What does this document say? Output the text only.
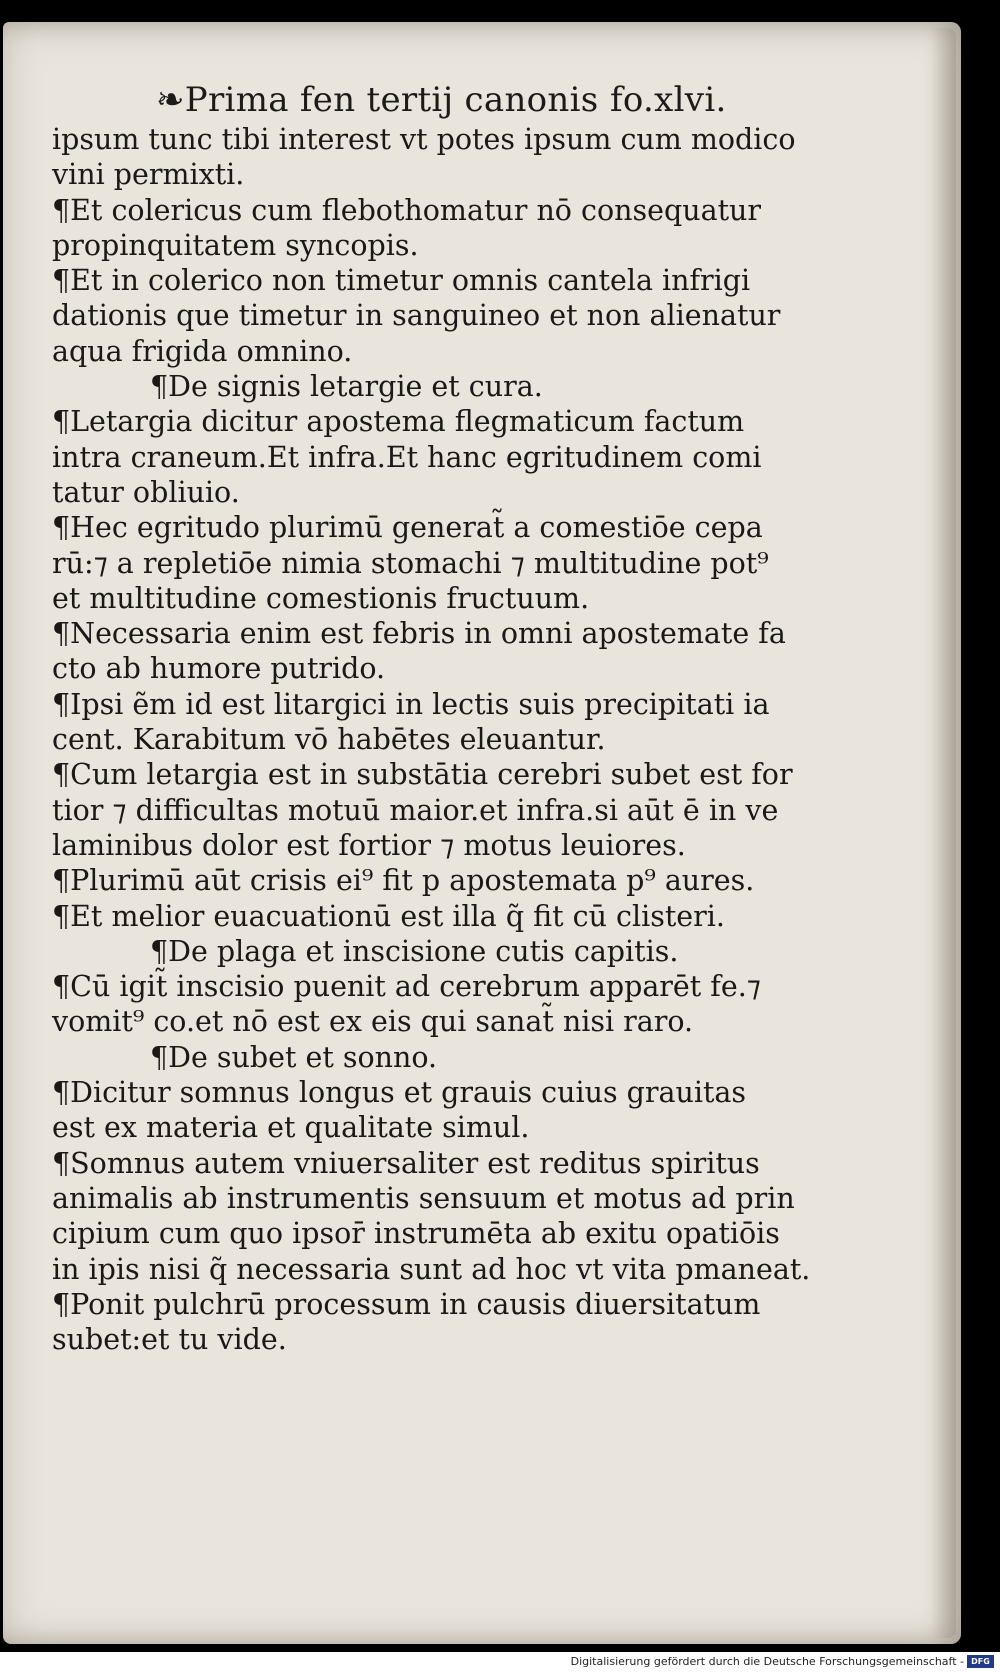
❧Prima fen tertij canonis fo.xlvi.
ipsum tunc tibi interest vt potes ipsum cum modico
vini permixti.
¶Et colericus cum flebothomatur nō consequatur
propinquitatem syncopis.
¶Et in colerico non timetur omnis cantela infrigi
dationis que timetur in sanguineo et non alienatur
aqua frigida omnino.
¶De signis letargie et cura.
¶Letargia dicitur apostema flegmaticum factum
intra craneum.Et infra.Et hanc egritudinem comi
tatur obliuio.
¶Hec egritudo plurimū generat̃ a comestiōe cepa
rū:⁊ a repletiōe nimia stomachi ⁊ multitudine pot⁹
et multitudine comestionis fructuum.
¶Necessaria enim est febris in omni apostemate fa
cto ab humore putrido.
¶Ipsi ẽm id est litargici in lectis suis precipitati ia
cent. Karabitum vō habētes eleuantur.
¶Cum letargia est in substātia cerebri subet est for
tior ⁊ difficultas motuū maior.et infra.si aūt ē in ve
laminibus dolor est fortior ⁊ motus leuiores.
¶Plurimū aūt crisis ei⁹ fit p apostemata p⁹ aures.
¶Et melior euacuationū est illa q̃ fit cū clisteri.
¶De plaga et inscisione cutis capitis.
¶Cū igit̃ inscisio puenit ad cerebrum apparēt fe.⁊
vomit⁹ co.et nō est ex eis qui sanat̃ nisi raro.
¶De subet et sonno.
¶Dicitur somnus longus et grauis cuius grauitas
est ex materia et qualitate simul.
¶Somnus autem vniuersaliter est reditus spiritus
animalis ab instrumentis sensuum et motus ad prin
cipium cum quo ipsor̄ instrumēta ab exitu opatiōis
in ipis nisi q̃ necessaria sunt ad hoc vt vita pmaneat.
¶Ponit pulchrū processum in causis diuersitatum
subet:et tu vide.
Digitalisierung gefördert durch die Deutsche Forschungsgemeinschaft - DFG
